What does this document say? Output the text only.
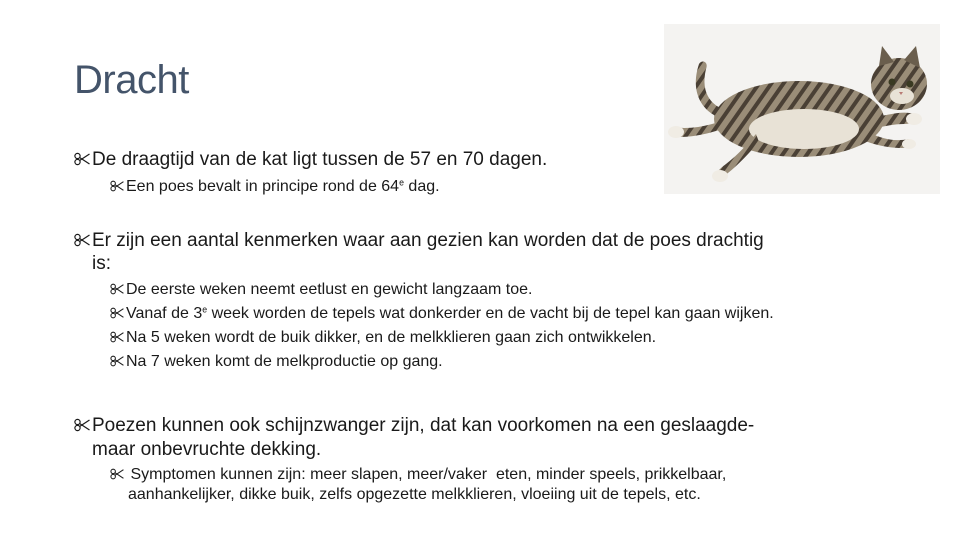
Dracht
De draagtijd van de kat ligt tussen de 57 en 70 dagen.
Een poes bevalt in principe rond de 64e dag.
Er zijn een aantal kenmerken waar aan gezien kan worden dat de poes drachtig
is:
De eerste weken neemt eetlust en gewicht langzaam toe.
Vanaf de 3e week worden de tepels wat donkerder en de vacht bij de tepel kan gaan wijken.
Na 5 weken wordt de buik dikker, en de melkklieren gaan zich ontwikkelen.
Na 7 weken komt de melkproductie op gang.
Poezen kunnen ook schijnzwanger zijn, dat kan voorkomen na een geslaagde-
maar onbevruchte dekking.
Symptomen kunnen zijn: meer slapen, meer/vaker  eten, minder speels, prikkelbaar,
aanhankelijker, dikke buik, zelfs opgezette melkklieren, vloeiing uit de tepels, etc.
